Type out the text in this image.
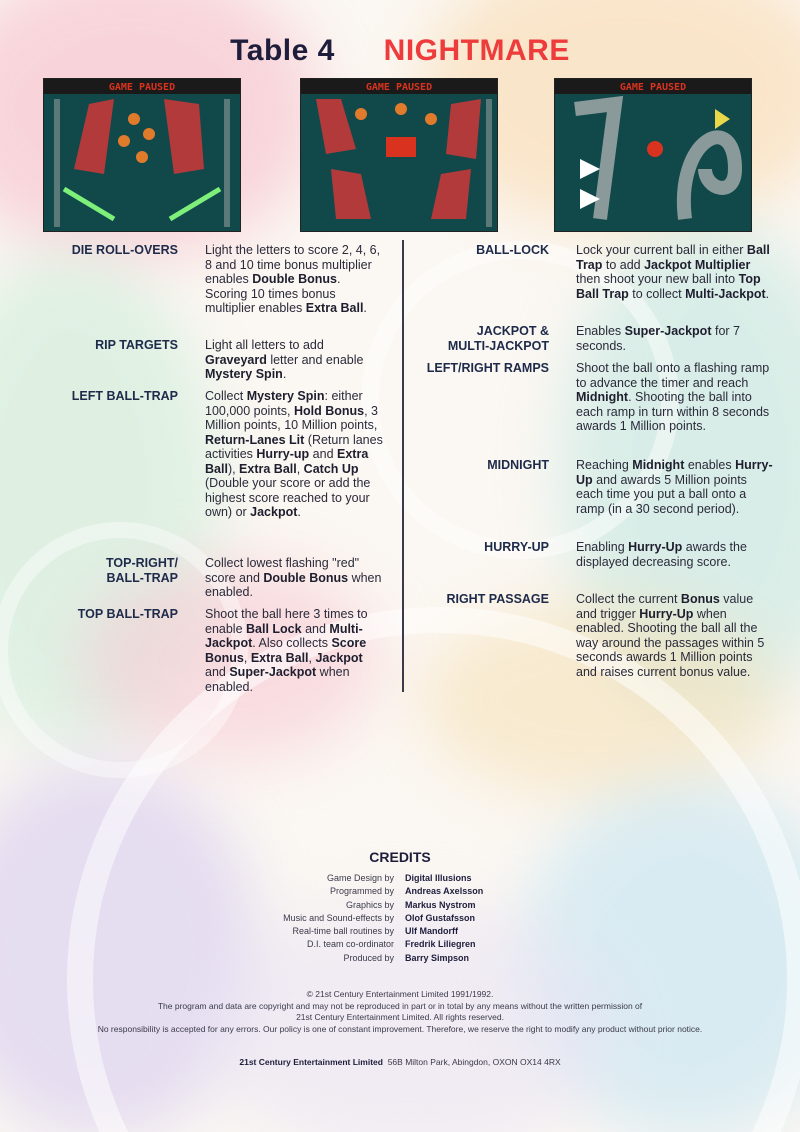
Table 4 NIGHTMARE
GAME PAUSED	GAME PAUSED	GAME PAUSED
DIE ROLL-OVERS Light the letters to score 2, 4, 6, 8 and 10 time bonus multiplier enables Double Bonus. Scoring 10 times bonus multiplier enables Extra Ball.
RIP TARGETS Light all letters to add Graveyard letter and enable Mystery Spin.
LEFT BALL-TRAP Collect Mystery Spin: either 100,000 points, Hold Bonus, 3 Million points, 10 Million points, Return-Lanes Lit (Return lanes activities Hurry-up and Extra Ball), Extra Ball, Catch Up (Double your score or add the highest score reached to your own) or Jackpot.
TOP-RIGHT/
BALL-TRAP
Collect lowest flashing "red" score and Double Bonus when enabled.
TOP BALL-TRAP Shoot the ball here 3 times to enable Ball Lock and Multi-Jackpot. Also collects Score Bonus, Extra Ball, Jackpot and Super-Jackpot when enabled.
BALL-LOCK Lock your current ball in either Ball Trap to add Jackpot Multiplier then shoot your new ball into Top Ball Trap to collect Multi-Jackpot.
JACKPOT &
MULTI-JACKPOT
Enables Super-Jackpot for 7 seconds.
LEFT/RIGHT RAMPS Shoot the ball onto a flashing ramp to advance the timer and reach Midnight. Shooting the ball into each ramp in turn within 8 seconds awards 1 Million points.
MIDNIGHT Reaching Midnight enables Hurry-Up and awards 5 Million points each time you put a ball onto a ramp (in a 30 second period).
HURRY-UP Enabling Hurry-Up awards the displayed decreasing score.
RIGHT PASSAGE Collect the current Bonus value and trigger Hurry-Up when enabled. Shooting the ball all the way around the passages within 5 seconds awards 1 Million points and raises current bonus value.
CREDITS
Game Design by Digital Illusions
Programmed by Andreas Axelsson
Graphics by Markus Nystrom
Music and Sound-effects by Olof Gustafsson
Real-time ball routines by Ulf Mandorff
D.I. team co-ordinator Fredrik Liliegren
Produced by Barry Simpson
© 21st Century Entertainment Limited 1991/1992.
The program and data are copyright and may not be reproduced in part or in total by any means without the written permission of
21st Century Entertainment Limited. All rights reserved.
No responsibility is accepted for any errors. Our policy is one of constant improvement. Therefore, we reserve the right to modify any product without prior notice.
21st Century Entertainment Limited 56B Milton Park, Abingdon, OXON OX14 4RX
